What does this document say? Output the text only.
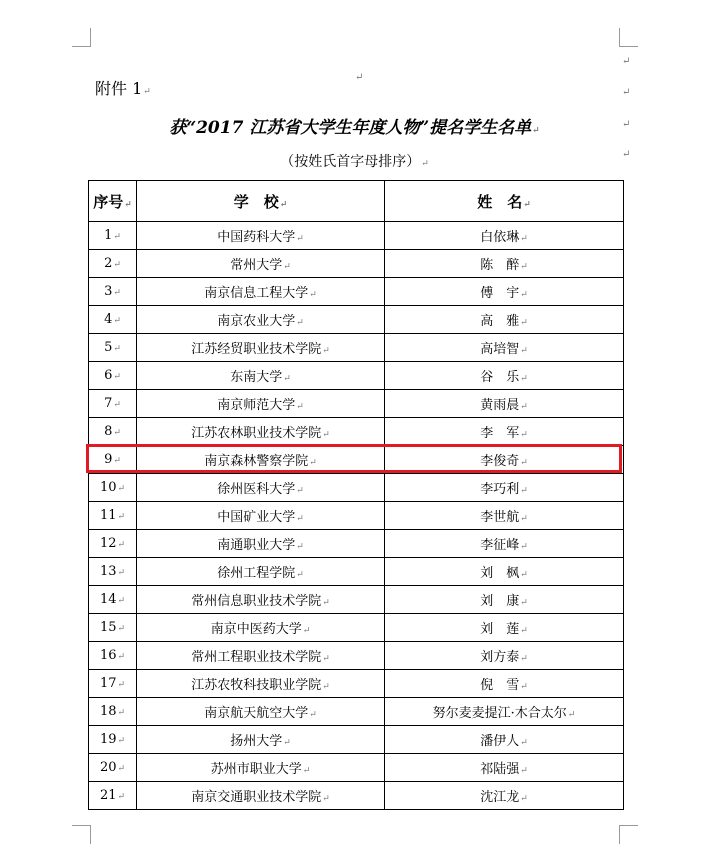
附件 1↵
↵
↵
↵
↵
↵
获“2017 江苏省大学生年度人物”提名学生名单↵
（按姓氏首字母排序）↵
序号↵	学　校↵	姓　名↵
1↵	中国药科大学↵	白依琳↵
2↵	常州大学↵	陈　醉↵
3↵	南京信息工程大学↵	傅　宇↵
4↵	南京农业大学↵	高　雅↵
5↵	江苏经贸职业技术学院↵	高培智↵
6↵	东南大学↵	谷　乐↵
7↵	南京师范大学↵	黄雨晨↵
8↵	江苏农林职业技术学院↵	李　军↵
9↵	南京森林警察学院↵	李俊奇↵
10↵	徐州医科大学↵	李巧利↵
11↵	中国矿业大学↵	李世航↵
12↵	南通职业大学↵	李征峰↵
13↵	徐州工程学院↵	刘　枫↵
14↵	常州信息职业技术学院↵	刘　康↵
15↵	南京中医药大学↵	刘　莲↵
16↵	常州工程职业技术学院↵	刘方泰↵
17↵	江苏农牧科技职业学院↵	倪　雪↵
18↵	南京航天航空大学↵	努尔麦麦提江·木合太尔↵
19↵	扬州大学↵	潘伊人↵
20↵	苏州市职业大学↵	祁陆强↵
21↵	南京交通职业技术学院↵	沈江龙↵
